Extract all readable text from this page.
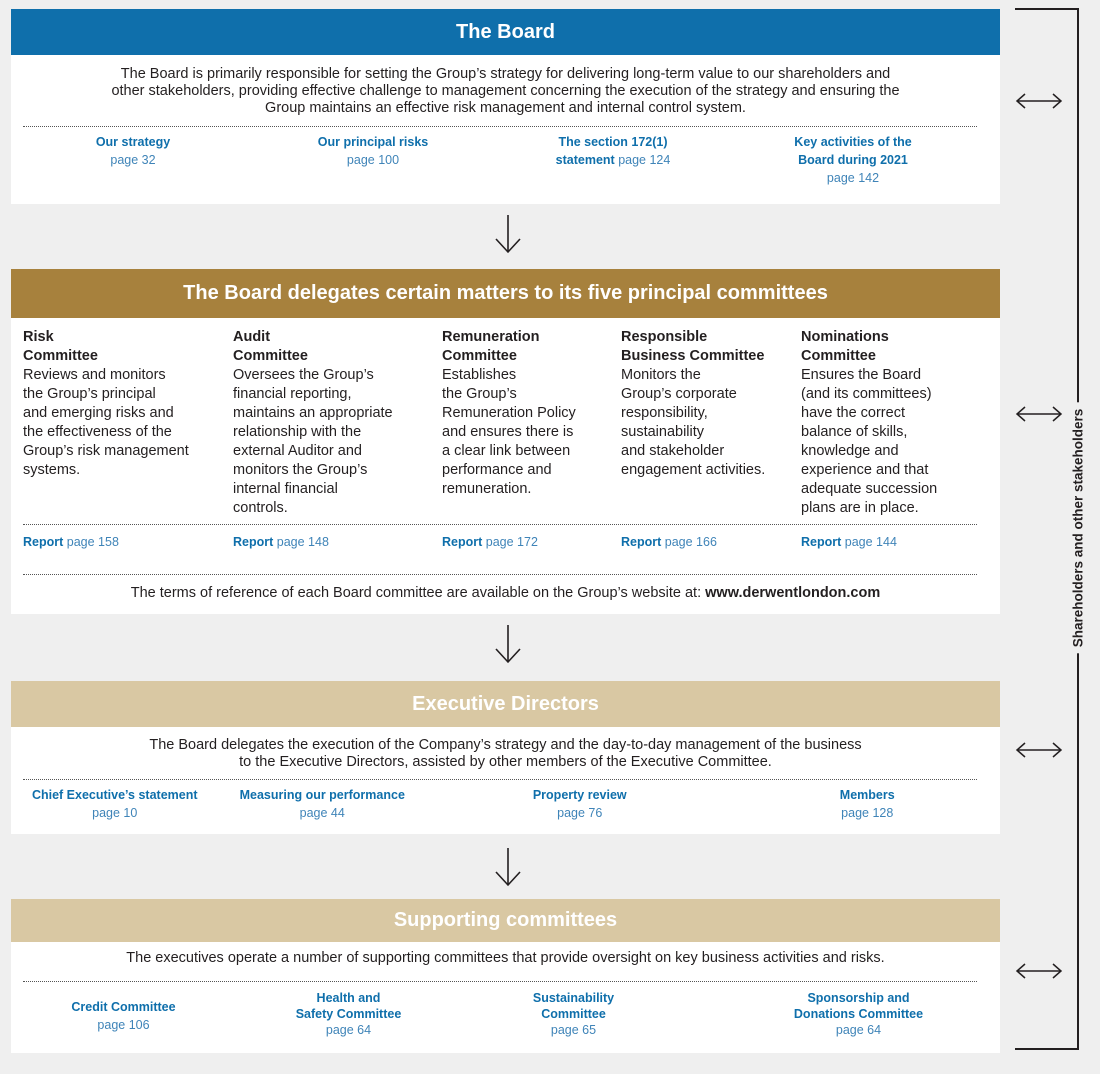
The Board
The Board is primarily responsible for setting the Group’s strategy for delivering long-term value to our shareholders and
other stakeholders, providing effective challenge to management concerning the execution of the strategy and ensuring the
Group maintains an effective risk management and internal control system.
Our strategy
page 32
Our principal risks
page 100
The section 172(1)
statement page 124
Key activities of the
Board during 2021
page 142
The Board delegates certain matters to its five principal committees
Risk
Committee
Reviews and monitors
the Group’s principal
and emerging risks and
the effectiveness of the
Group’s risk management
systems.
Audit
Committee
Oversees the Group’s
financial reporting,
maintains an appropriate
relationship with the
external Auditor and
monitors the Group’s
internal financial
controls.
Remuneration
Committee
Establishes
the Group’s
Remuneration Policy
and ensures there is
a clear link between
performance and
remuneration.
Responsible
Business Committee
Monitors the
Group’s corporate
responsibility,
sustainability
and stakeholder
engagement activities.
Nominations
Committee
Ensures the Board
(and its committees)
have the correct
balance of skills,
knowledge and
experience and that
adequate succession
plans are in place.
Report page 158	Report page 148	Report page 172	Report page 166	Report page 144
The terms of reference of each Board committee are available on the Group’s website at: www.derwentlondon.com
Executive Directors
The Board delegates the execution of the Company’s strategy and the day-to-day management of the business
to the Executive Directors, assisted by other members of the Executive Committee.
Chief Executive’s statement
page 10
Measuring our performance
page 44
Property review
page 76
Members
page 128
Supporting committees
The executives operate a number of supporting committees that provide oversight on key business activities and risks.
Credit Committee
page 106
Health and
Safety Committee
page 64
Sustainability
Committee
page 65
Sponsorship and
Donations Committee
page 64
Shareholders and other stakeholders
